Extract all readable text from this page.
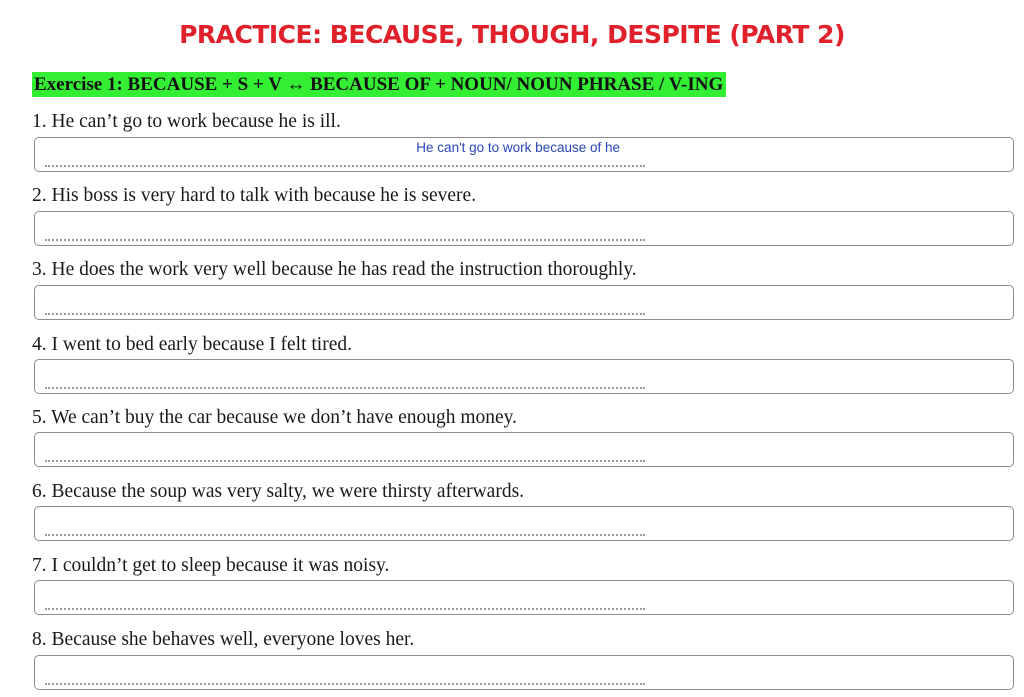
PRACTICE: BECAUSE, THOUGH, DESPITE (PART 2)
Exercise 1: BECAUSE + S + V ↔ BECAUSE OF + NOUN/ NOUN PHRASE / V-ING
1. He can’t go to work because he is ill.
He can't go to work because of he
2. His boss is very hard to talk with because he is severe.
3. He does the work very well because he has read the instruction thoroughly.
4. I went to bed early because I felt tired.
5. We can’t buy the car because we don’t have enough money.
6. Because the soup was very salty, we were thirsty afterwards.
7. I couldn’t get to sleep because it was noisy.
8. Because she behaves well, everyone loves her.
